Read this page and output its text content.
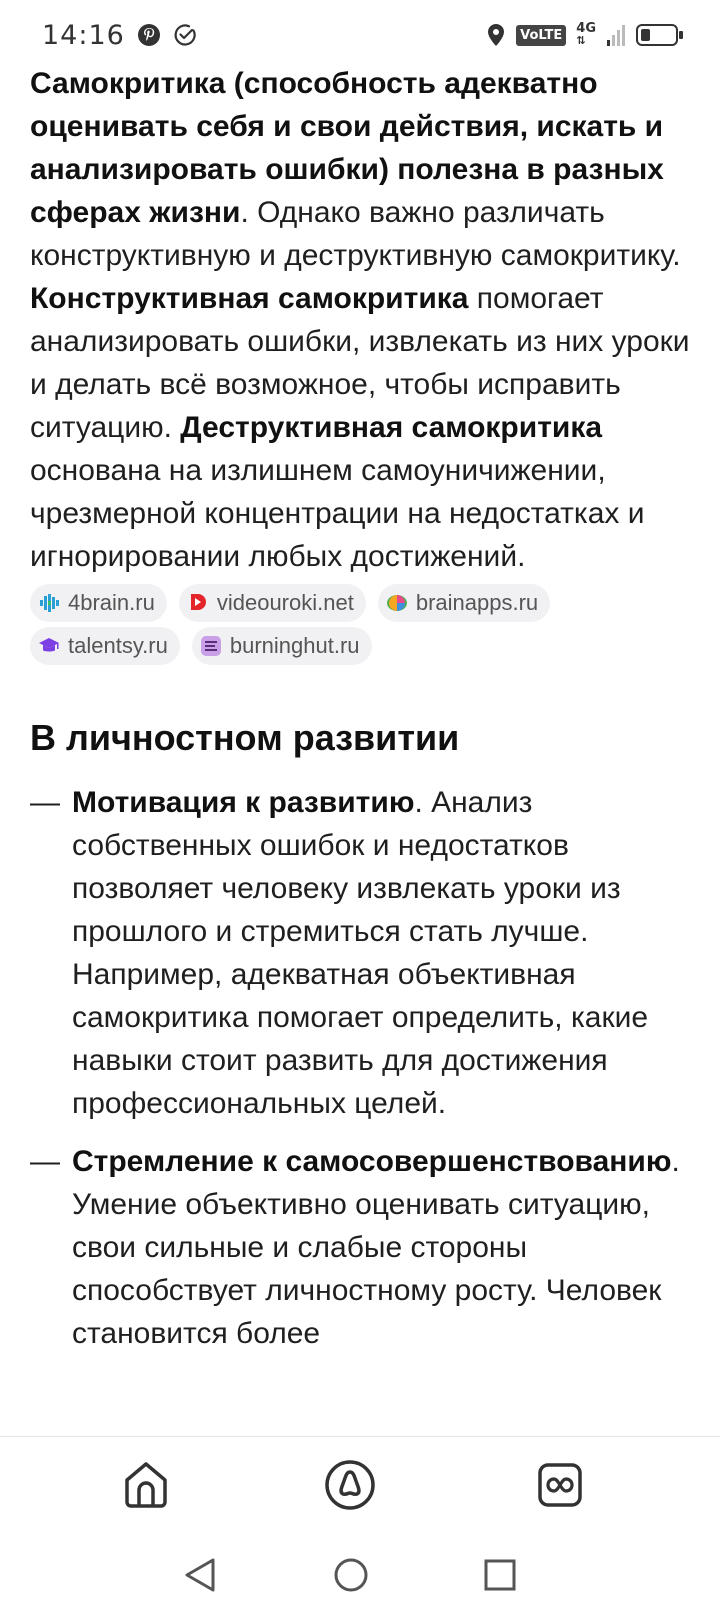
14:16	VoLTE	4G
⇅

Самокритика (способность адекватно оценивать себя и свои действия, искать и анализировать ошибки) полезна в разных сферах жизни. Однако важно различать конструктивную и деструктивную самокритику. Конструктивная самокритика помогает анализировать ошибки, извлекать из них уроки и делать всё возможное, чтобы исправить ситуацию. Деструктивная самокритика основана на излишнем самоуничижении, чрезмерной концентрации на недостатках и игнорировании любых достижений.

4brain.ru	videouroki.net	brainapps.ru
talentsy.ru	burninghut.ru
В личностном развитии
— Мотивация к развитию. Анализ собственных ошибок и недостатков позволяет человеку извлекать уроки из прошлого и стремиться стать лучше. Например, адекватная объективная самокритика помогает определить, какие навыки стоит развить для достижения профессиональных целей.
— Стремление к самосовершенствованию. Умение объективно оценивать ситуацию, свои сильные и слабые стороны способствует личностному росту. Человек становится более
